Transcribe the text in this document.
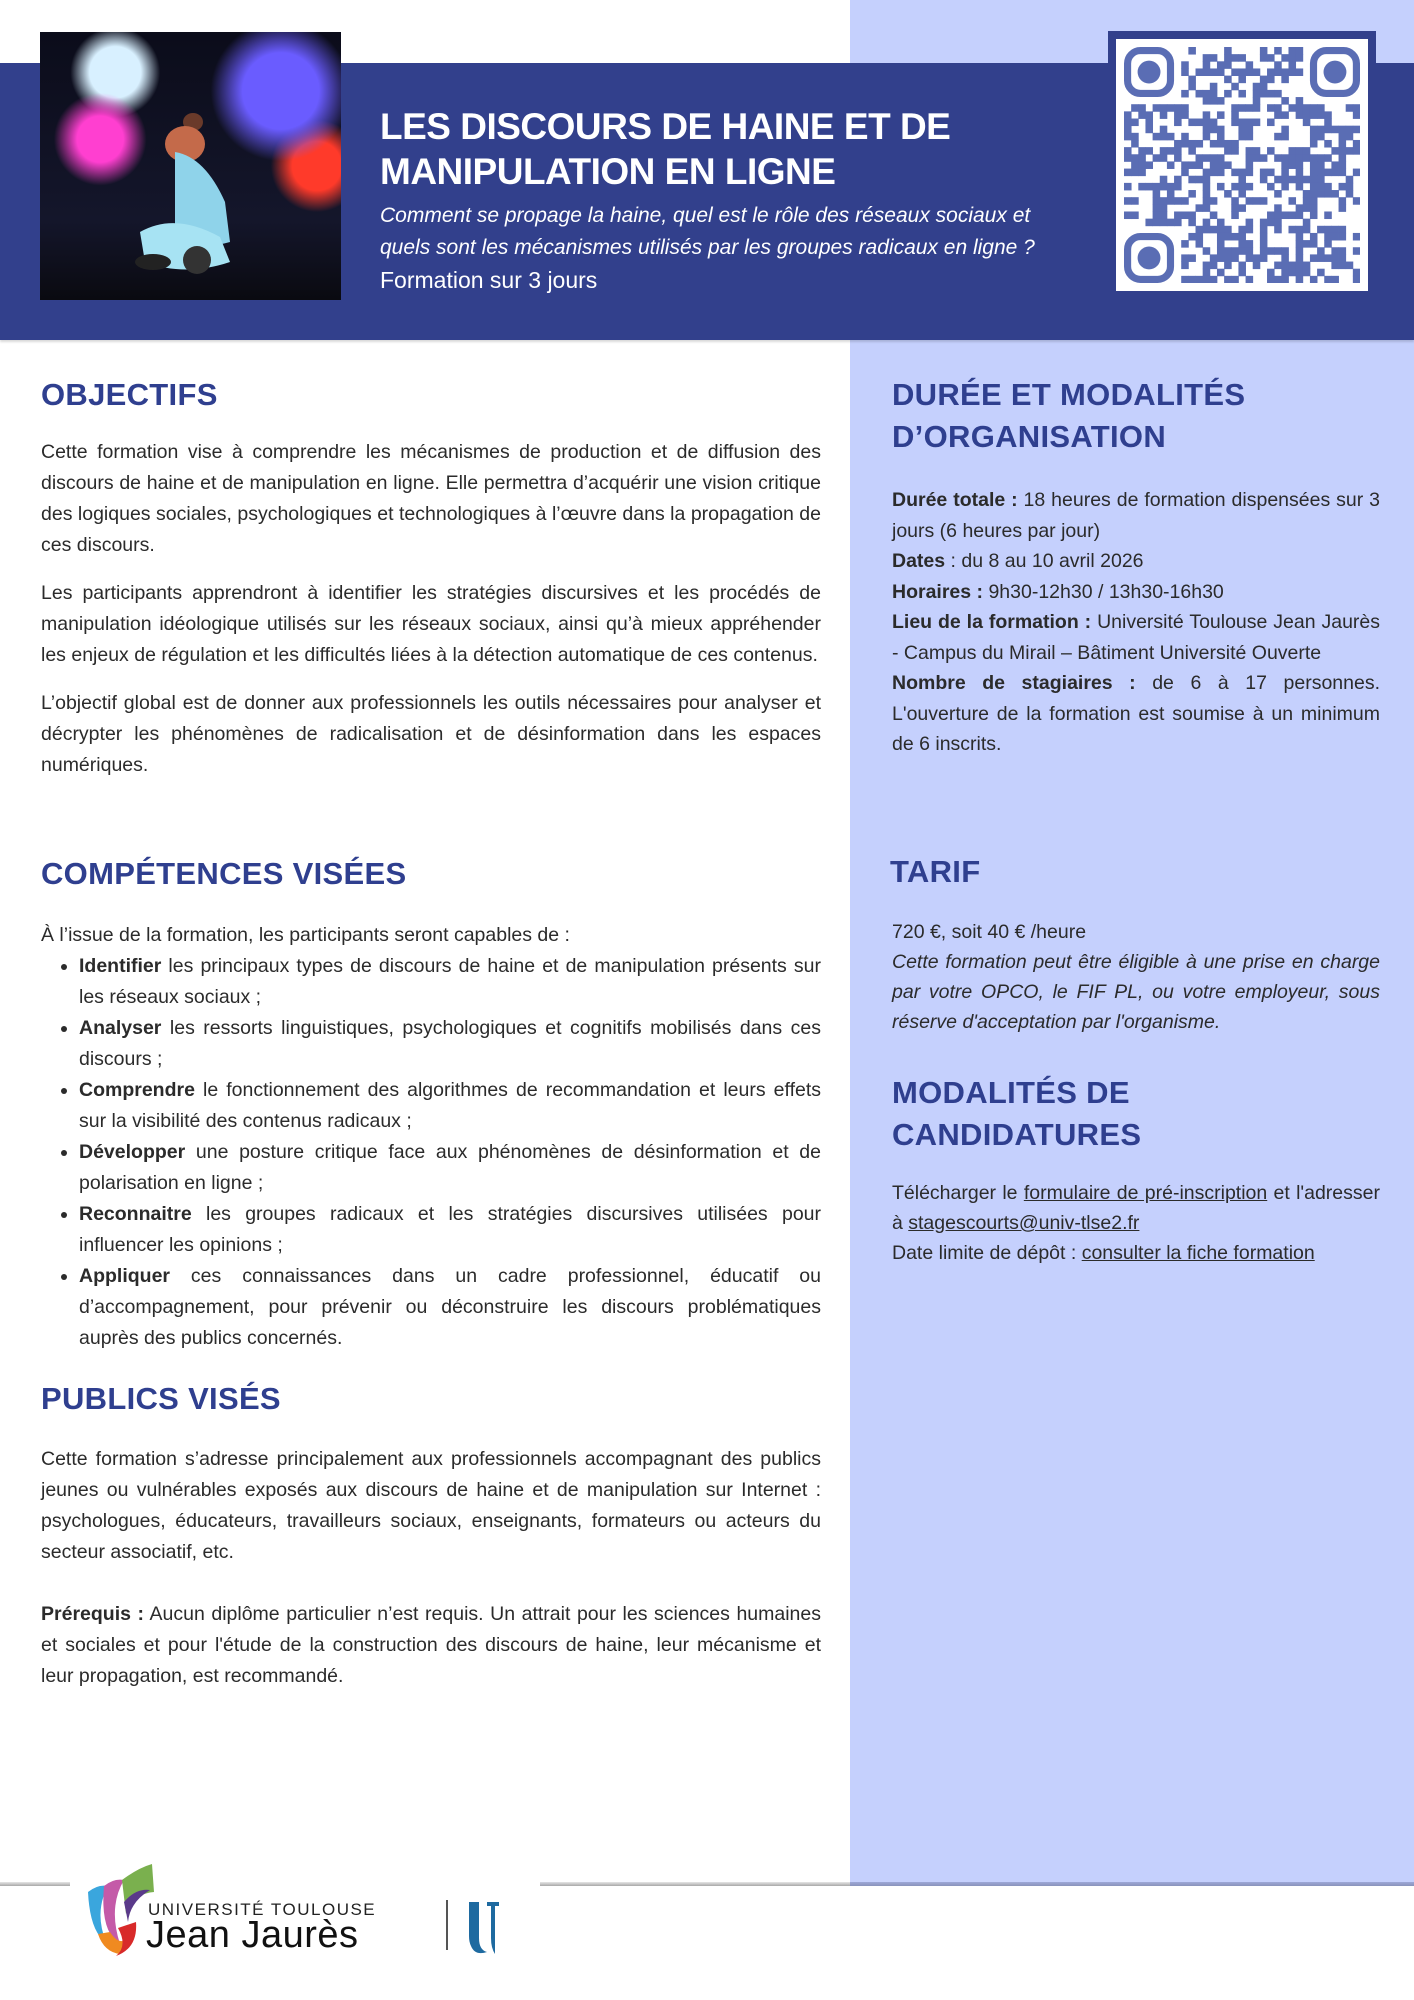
LES DISCOURS DE HAINE ET DE
MANIPULATION EN LIGNE
Comment se propage la haine, quel est le rôle des réseaux sociaux et
quels sont les mécanismes utilisés par les groupes radicaux en ligne ?
Formation sur 3 jours
OBJECTIFS

Cette formation vise à comprendre les mécanismes de production et de diffusion des discours de haine et de manipulation en ligne. Elle permettra d’acquérir une vision critique des logiques sociales, psychologiques et technologiques à l’œuvre dans la propagation de ces discours.

Les participants apprendront à identifier les stratégies discursives et les procédés de manipulation idéologique utilisés sur les réseaux sociaux, ainsi qu’à mieux appréhender les enjeux de régulation et les difficultés liées à la détection automatique de ces contenus.

L’objectif global est de donner aux professionnels les outils nécessaires pour analyser et décrypter les phénomènes de radicalisation et de désinformation dans les espaces numériques.

COMPÉTENCES VISÉES
À l’issue de la formation, les participants seront capables de :
• Identifier les principaux types de discours de haine et de manipulation présents sur les réseaux sociaux ;
• Analyser les ressorts linguistiques, psychologiques et cognitifs mobilisés dans ces discours ;
• Comprendre le fonctionnement des algorithmes de recommandation et leurs effets sur la visibilité des contenus radicaux ;
• Développer une posture critique face aux phénomènes de désinformation et de polarisation en ligne ;
• Reconnaitre les groupes radicaux et les stratégies discursives utilisées pour influencer les opinions ;
• Appliquer ces connaissances dans un cadre professionnel, éducatif ou d’accompagnement, pour prévenir ou déconstruire les discours problématiques auprès des publics concernés.
PUBLICS VISÉS

Cette formation s’adresse principalement aux professionnels accompagnant des publics jeunes ou vulnérables exposés aux discours de haine et de manipulation sur Internet : psychologues, éducateurs, travailleurs sociaux, enseignants, formateurs ou acteurs du secteur associatif, etc.

Prérequis : Aucun diplôme particulier n’est requis. Un attrait pour les sciences humaines et sociales et pour l'étude de la construction des discours de haine, leur mécanisme et leur propagation, est recommandé.

DURÉE ET MODALITÉS
D’ORGANISATION
Durée totale : 18 heures de formation dispensées sur 3 jours (6 heures par jour)
Dates : du 8 au 10 avril 2026
Horaires : 9h30-12h30 / 13h30-16h30
Lieu de la formation : Université Toulouse Jean Jaurès - Campus du Mirail – Bâtiment Université Ouverte
Nombre de stagiaires : de 6 à 17 personnes. L'ouverture de la formation est soumise à un minimum de 6 inscrits.
TARIF
720 €, soit 40 € /heure
Cette formation peut être éligible à une prise en charge par votre OPCO, le FIF PL, ou votre employeur, sous réserve d'acceptation par l'organisme.
MODALITÉS DE
CANDIDATURES
Télécharger le formulaire de pré-inscription et l'adresser à stagescourts@univ-tlse2.fr
Date limite de dépôt : consulter la fiche formation
UNIVERSITÉ TOULOUSE
Jean Jaurès
